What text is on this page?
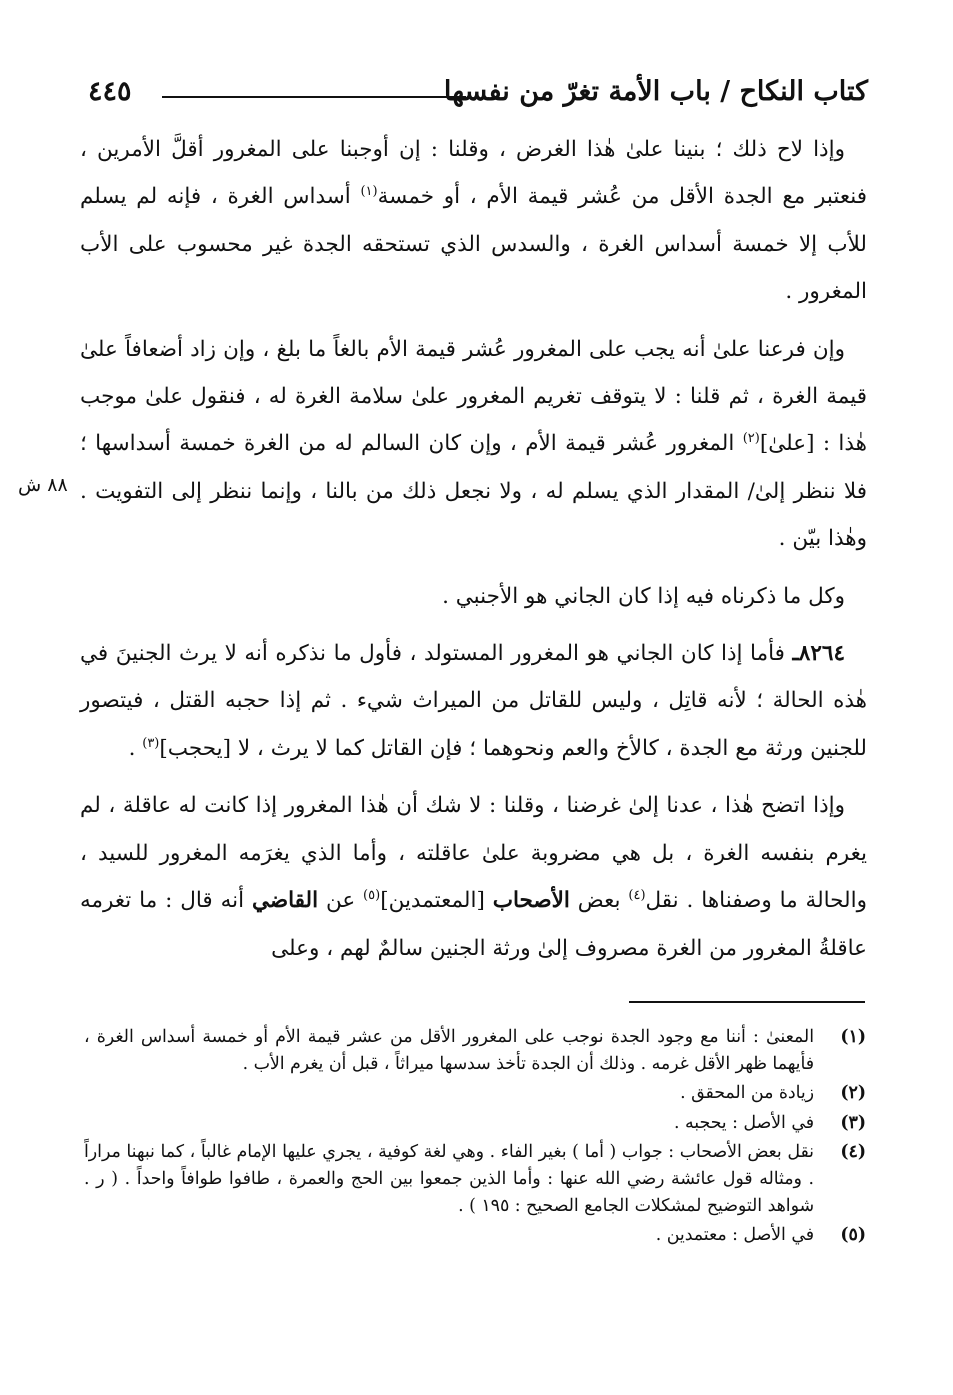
كتاب النكاح / باب الأمة تغرّ من نفسها
٤٤٥
٨٨ ش

وإذا لاح ذلك ؛ بنينا علىٰ هٰذا الغرض ، وقلنا : إن أوجبنا على المغرور أقلَّ الأمرين ، فنعتبر مع الجدة الأقل من عُشر قيمة الأم ، أو خمسة$^{(١)}$ أسداس الغرة ، فإنه لم يسلم للأب إلا خمسة أسداس الغرة ، والسدس الذي تستحقه الجدة غير محسوب على الأب المغرور .

وإن فرعنا علىٰ أنه يجب على المغرور عُشر قيمة الأم بالغاً ما بلغ ، وإن زاد أضعافاً علىٰ قيمة الغرة ، ثم قلنا : لا يتوقف تغريم المغرور علىٰ سلامة الغرة له ، فنقول علىٰ موجب هٰذا : [علىٰ]$^{(٢)}$ المغرور عُشر قيمة الأم ، وإن كان السالم له من الغرة خمسة أسداسها ؛ فلا ننظر إلىٰ/ المقدار الذي يسلم له ، ولا نجعل ذلك من بالنا ، وإنما ننظر إلى التفويت . وهٰذا بيّن .

وكل ما ذكرناه فيه إذا كان الجاني هو الأجنبي .

٨٢٦٤ـ فأما إذا كان الجاني هو المغرور المستولد ، فأول ما نذكره أنه لا يرث الجنينَ في هٰذه الحالة ؛ لأنه قاتِل ، وليس للقاتل من الميراث شيء . ثم إذا حجبه القتل ، فيتصور للجنين ورثة مع الجدة ، كالأخ والعم ونحوهما ؛ فإن القاتل كما لا يرث ، لا [يحجب]$^{(٣)}$ .

وإذا اتضح هٰذا ، عدنا إلىٰ غرضنا ، وقلنا : لا شك أن هٰذا المغرور إذا كانت له عاقلة ، لم يغرم بنفسه الغرة ، بل هي مضروبة علىٰ عاقلته ، وأما الذي يغرَمه المغرور للسيد ، والحالة ما وصفناها . نقل$^{(٤)}$ بعض الأصحاب [المعتمدين]$^{(٥)}$ عن القاضي أنه قال : ما تغرمه عاقلةُ المغرور من الغرة مصروف إلىٰ ورثة الجنين سالمٌ لهم ، وعلى

(١)
المعنىٰ : أننا مع وجود الجدة نوجب على المغرور الأقل من عشر قيمة الأم أو خمسة أسداس الغرة ، فأيهما ظهر الأقل غرمه . وذلك أن الجدة تأخذ سدسها ميراثاً ، قبل أن يغرم الأب .
(٢)
زيادة من المحقق .
(٣)
في الأصل : يحجبه .
(٤)
نقل بعض الأصحاب : جواب ( أما ) بغير الفاء . وهي لغة كوفية ، يجري عليها الإمام غالباً ، كما نبهنا مراراً . ومثاله قول عائشة رضي الله عنها : وأما الذين جمعوا بين الحج والعمرة ، طافوا طوافاً واحداً . ( ر . شواهد التوضيح لمشكلات الجامع الصحيح : ١٩٥ ) .
(٥)
في الأصل : معتمدين .
